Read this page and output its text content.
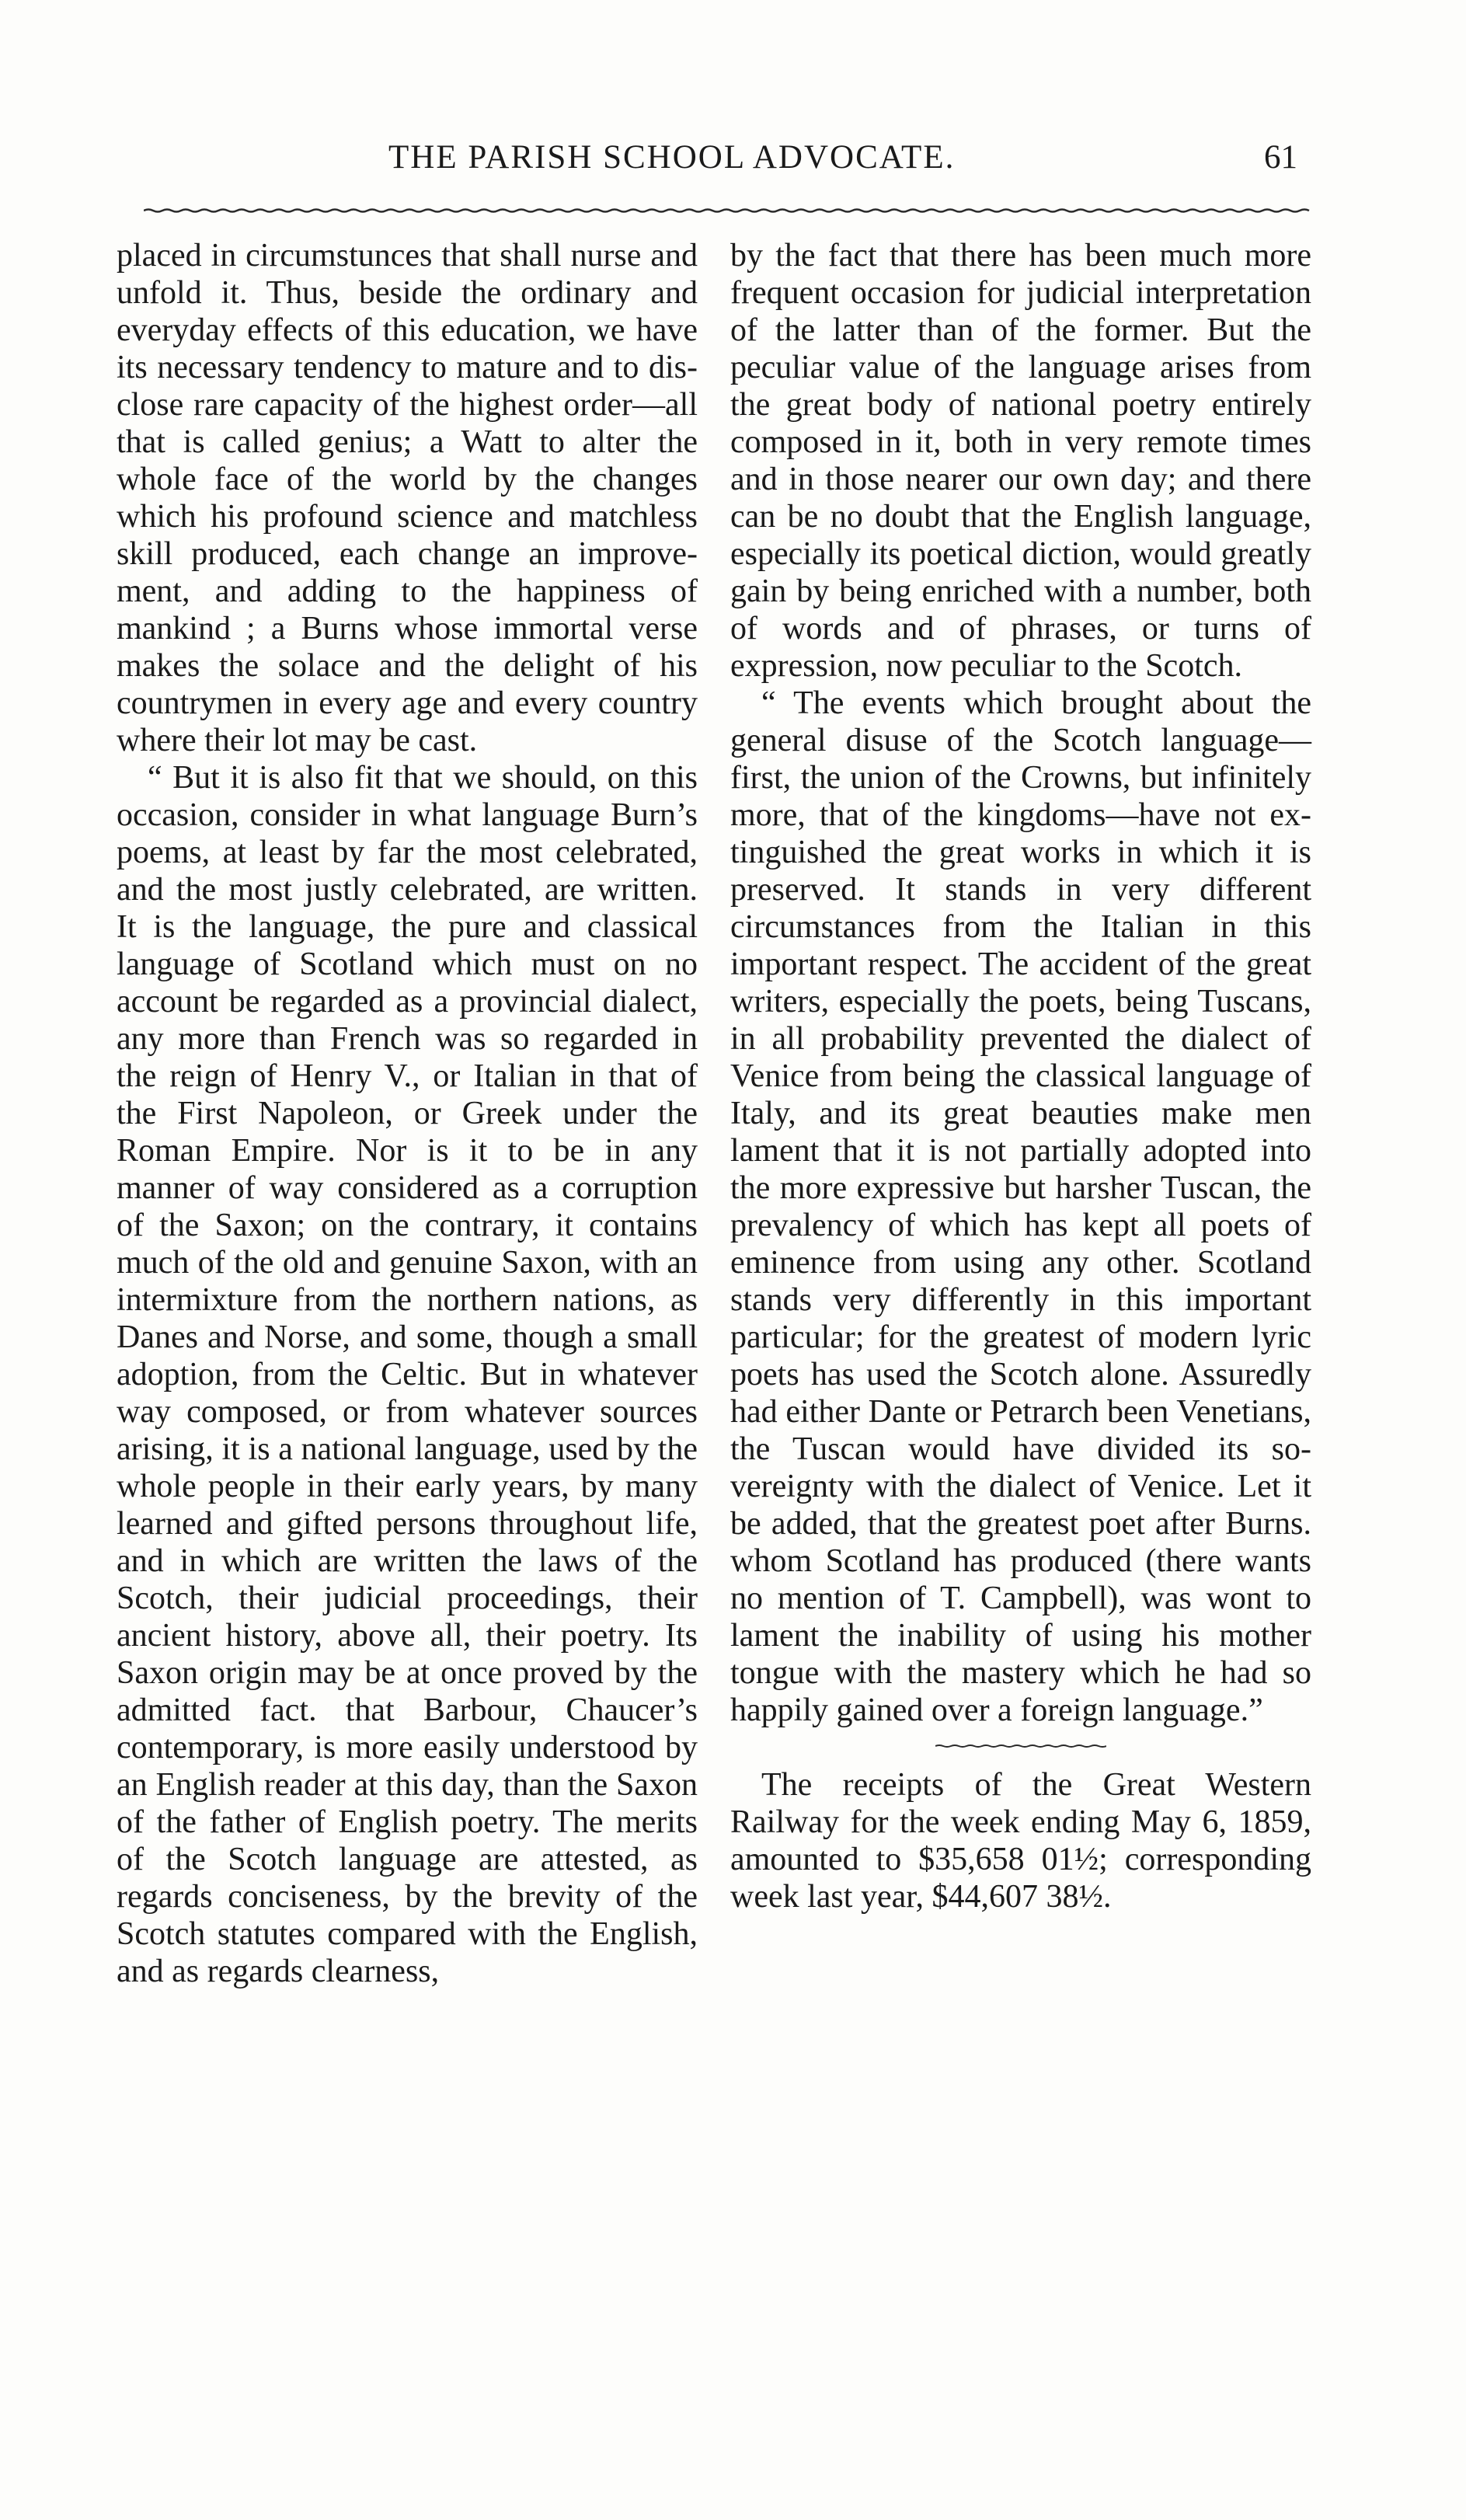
THE PARISH SCHOOL ADVOCATE.	61

placed in circumstunces that shall nurse and unfold it. Thus, beside the ordinary and everyday effects of this education, we have its necessary tendency to mature and to disclose rare capacity of the highest order—all that is called genius; a Watt to alter the whole face of the world by the changes which his profound science and matchless skill produced, each change an improvement, and adding to the happiness of mankind ; a Burns whose immortal verse makes the solace and the delight of his countrymen in every age and every country where their lot may be cast.

“ But it is also fit that we should, on this occasion, consider in what language Burn’s poems, at least by far the most celebrated, and the most justly celebrated, are written. It is the language, the pure and classical language of Scotland which must on no account be regarded as a provincial dialect, any more than French was so regarded in the reign of Henry V., or Italian in that of the First Napoleon, or Greek under the Roman Empire. Nor is it to be in any manner of way considered as a corruption of the Saxon; on the contrary, it contains much of the old and genuine Saxon, with an intermixture from the northern nations, as Danes and Norse, and some, though a small adoption, from the Celtic. But in whatever way composed, or from whatever sources arising, it is a national language, used by the whole people in their early years, by many learned and gifted persons throughout life, and in which are written the laws of the Scotch, their judicial proceedings, their ancient history, above all, their poetry. Its Saxon origin may be at once proved by the admitted fact. that Barbour, Chaucer’s contemporary, is more easily understood by an English reader at this day, than the Saxon of the father of English poetry. The merits of the Scotch language are attested, as regards conciseness, by the brevity of the Scotch statutes compared with the English, and as regards clearness,

by the fact that there has been much more frequent occasion for judicial interpretation of the latter than of the former. But the peculiar value of the language arises from the great body of national poetry entirely composed in it, both in very remote times and in those nearer our own day; and there can be no doubt that the English language, especially its poetical diction, would greatly gain by being enriched with a number, both of words and of phrases, or turns of expression, now peculiar to the Scotch.

“ The events which brought about the general disuse of the Scotch language—first, the union of the Crowns, but infinitely more, that of the kingdoms—have not extinguished the great works in which it is preserved. It stands in very different circumstances from the Italian in this important respect. The accident of the great writers, especially the poets, being Tuscans, in all probability prevented the dialect of Venice from being the classical language of Italy, and its great beauties make men lament that it is not partially adopted into the more expressive but harsher Tuscan, the prevalency of which has kept all poets of eminence from using any other. Scotland stands very differently in this important particular; for the greatest of modern lyric poets has used the Scotch alone. Assuredly had either Dante or Petrarch been Venetians, the Tuscan would have divided its sovereignty with the dialect of Venice. Let it be added, that the greatest poet after Burns. whom Scotland has produced (there wants no mention of T. Campbell), was wont to lament the inability of using his mother tongue with the mastery which he had so happily gained over a foreign language.”

The receipts of the Great Western Railway for the week ending May 6, 1859, amounted to $35,658 01½; corresponding week last year, $44,607 38½.
